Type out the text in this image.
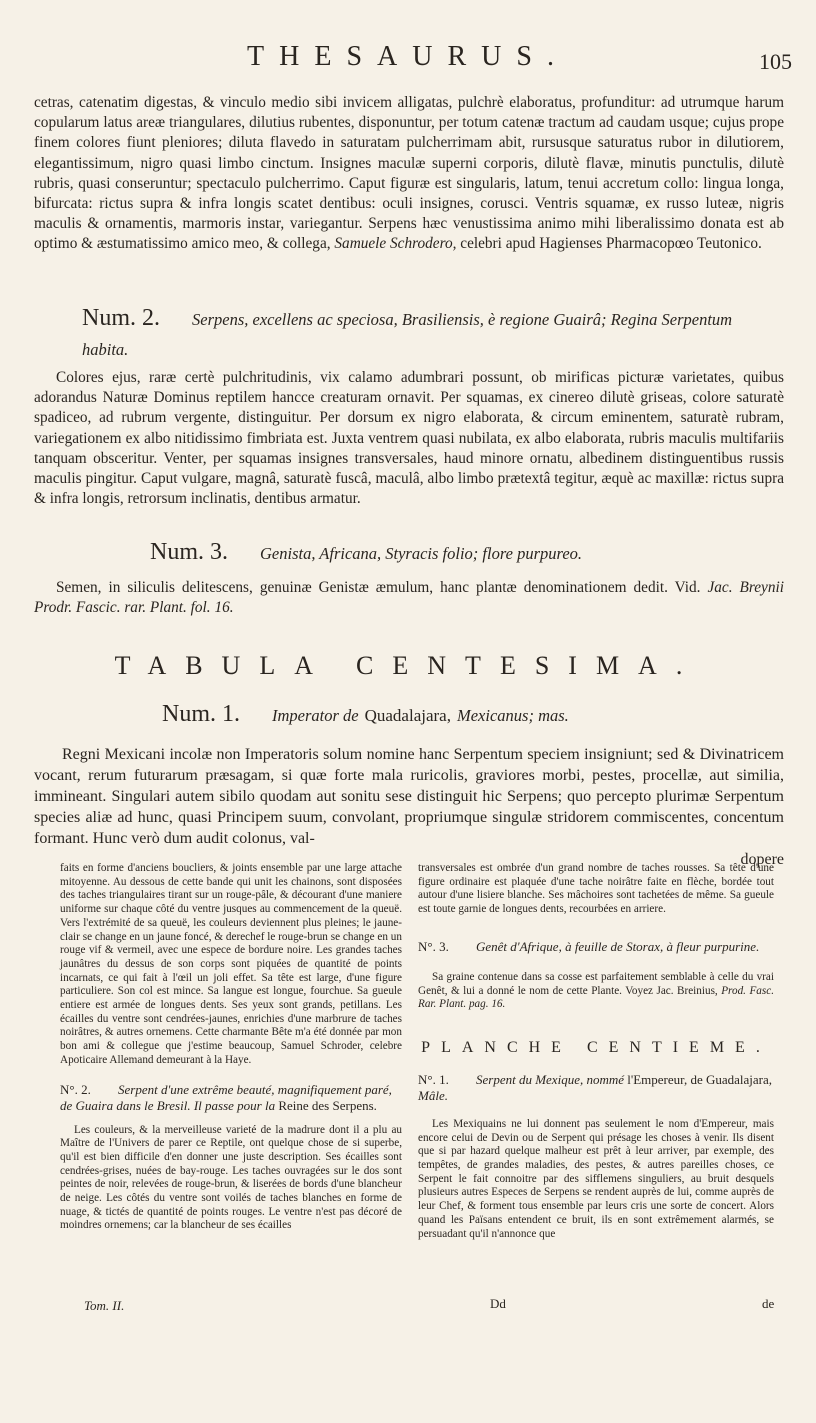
THESAURUS.	105

cetras, catenatim digestas, & vinculo medio sibi invicem alligatas, pulchrè elaboratus, profunditur: ad utrumque harum copularum latus areæ triangulares, dilutius rubentes, disponuntur, per totum catenæ tractum ad caudam usque; cujus prope finem colores fiunt pleniores; diluta flavedo in saturatam pulcherrimam abit, rursusque saturatus rubor in dilutiorem, elegantissimum, nigro quasi limbo cinctum. Insignes maculæ superni corporis, dilutè flavæ, minutis punctulis, dilutè rubris, quasi conseruntur; spectaculo pulcherrimo. Caput figuræ est singularis, latum, tenui accretum collo: lingua longa, bifurcata: rictus supra & infra longis scatet dentibus: oculi insignes, corusci. Ventris squamæ, ex russo luteæ, nigris maculis & ornamentis, marmoris instar, variegantur. Serpens hæc venustissima animo mihi liberalissimo donata est ab optimo & æstumatissimo amico meo, & collega, Samuele Schrodero, celebri apud Hagienses Pharmacopœo Teutonico.

Num. 2. Serpens, excellens ac speciosa, Brasiliensis, è regione Guairâ; Regina Serpentum habita.

Colores ejus, raræ certè pulchritudinis, vix calamo adumbrari possunt, ob mirificas picturæ varietates, quibus adorandus Naturæ Dominus reptilem hancce creaturam ornavit. Per squamas, ex cinereo dilutè griseas, colore saturatè spadiceo, ad rubrum vergente, distinguitur. Per dorsum ex nigro elaborata, & circum eminentem, saturatè rubram, variegationem ex albo nitidissimo fimbriata est. Juxta ventrem quasi nubilata, ex albo elaborata, rubris maculis multifariis tanquam obsceritur. Venter, per squamas insignes transversales, haud minore ornatu, albedinem distinguentibus russis maculis pingitur. Caput vulgare, magnâ, saturatè fuscâ, maculâ, albo limbo prætextâ tegitur, æquè ac maxillæ: rictus supra & infra longis, retrorsum inclinatis, dentibus armatur.

Num. 3. Genista, Africana, Styracis folio; flore purpureo.

Semen, in siliculis delitescens, genuinæ Genistæ æmulum, hanc plantæ denominationem dedit. Vid. Jac. Breynii Prodr. Fascic. rar. Plant. fol. 16.

TABULA CENTESIMA.
Num. 1. Imperator de Quadalajara, Mexicanus; mas.

Regni Mexicani incolæ non Imperatoris solum nomine hanc Serpentum speciem insigniunt; sed & Divinatricem vocant, rerum futurarum præsagam, si quæ forte mala ruricolis, graviores morbi, pestes, procellæ, aut similia, immineant. Singulari autem sibilo quodam aut sonitu sese distinguit hic Serpens; quo percepto plurimæ Serpentum species aliæ ad hunc, quasi Principem suum, convolant, propriumque singulæ stridorem commiscentes, concentum formant. Hunc verò dum audit colonus, val-

dopere

faits en forme d'anciens boucliers, & joints ensemble par une large attache mitoyenne. Au dessous de cette bande qui unit les chainons, sont disposées des taches triangulaires tirant sur un rouge-pâle, & décourant d'une maniere uniforme sur chaque côté du ventre jusques au commencement de la queuë. Vers l'extrémité de sa queuë, les couleurs deviennent plus pleines; le jaune-clair se change en un jaune foncé, & derechef le rouge-brun se change en un rouge vif & vermeil, avec une espece de bordure noire. Les grandes taches jaunâtres du dessus de son corps sont piquées de quantité de points incarnats, ce qui fait à l'œil un joli effet. Sa tête est large, d'une figure particuliere. Son col est mince. Sa langue est longue, fourchue. Sa gueule entiere est armée de longues dents. Ses yeux sont grands, petillans. Les écailles du ventre sont cendrées-jaunes, enrichies d'une marbrure de taches noirâtres, & autres ornemens. Cette charmante Bête m'a été donnée par mon bon ami & collegue que j'estime beaucoup, Samuel Schroder, celebre Apoticaire Allemand demeurant à la Haye.

N°. 2. Serpent d'une extrême beauté, magnifiquement paré, de Guaira dans le Bresil. Il passe pour la Reine des Serpens.

Les couleurs, & la merveilleuse varieté de la madrure dont il a plu au Maître de l'Univers de parer ce Reptile, ont quelque chose de si superbe, qu'il est bien difficile d'en donner une juste description. Ses écailles sont cendrées-grises, nuées de bay-rouge. Les taches ouvragées sur le dos sont peintes de noir, relevées de rouge-brun, & liserées de bords d'une blancheur de neige. Les côtés du ventre sont voilés de taches blanches en forme de nuage, & tictés de quantité de points rouges. Le ventre n'est pas décoré de moindres ornemens; car la blancheur de ses écailles

transversales est ombrée d'un grand nombre de taches rousses. Sa tête d'une figure ordinaire est plaquée d'une tache noirâtre faite en flèche, bordée tout autour d'une lisiere blanche. Ses mâchoires sont tachetées de même. Sa gueule est toute garnie de longues dents, recourbées en arriere.

N°. 3. Genêt d'Afrique, à feuille de Storax, à fleur purpurine.

Sa graine contenue dans sa cosse est parfaitement semblable à celle du vrai Genêt, & lui a donné le nom de cette Plante. Voyez Jac. Breinius, Prod. Fasc. Rar. Plant. pag. 16.

PLANCHE CENTIEME.
N°. 1. Serpent du Mexique, nommé l'Empereur, de Guadalajara, Mâle.

Les Mexiquains ne lui donnent pas seulement le nom d'Empereur, mais encore celui de Devin ou de Serpent qui présage les choses à venir. Ils disent que si par hazard quelque malheur est prêt à leur arriver, par exemple, des tempêtes, de grandes maladies, des pestes, & autres pareilles choses, ce Serpent le fait connoitre par des sifflemens singuliers, au bruit desquels plusieurs autres Especes de Serpens se rendent auprès de lui, comme auprès de leur Chef, & forment tous ensemble par leurs cris une sorte de concert. Alors quand les Païsans entendent ce bruit, ils en sont extrêmement alarmés, se persuadant qu'il n'annonce que

Tom. II.	Dd	de
